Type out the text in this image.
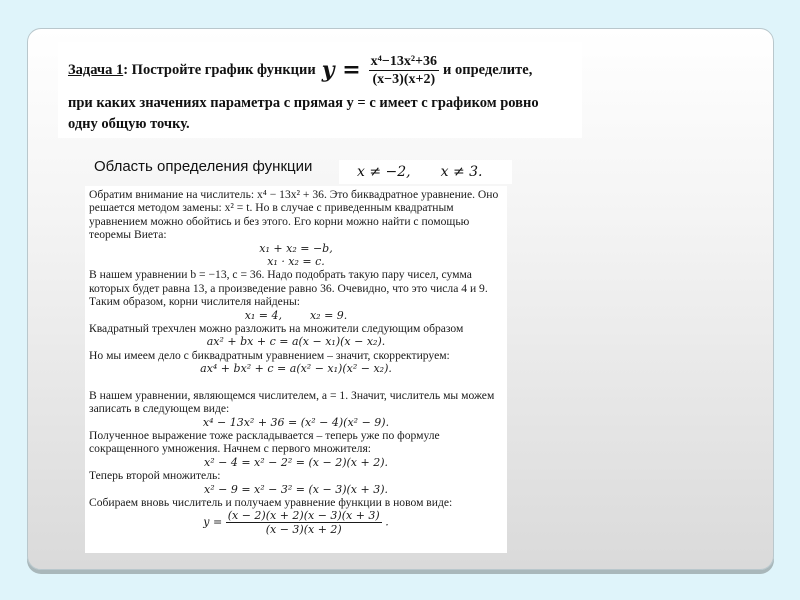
Задача 1 : Постройте график функции $y = \frac{\text{x⁴−13x²+36}}{(x-3)(x+2)}$ и определите,
при каких значениях параметра с прямая у = с имеет с графиком ровно
одну общую точку.
Область определения функции	x ≠ −2, x ≠ 3.

Обратим внимание на числитель: x⁴ − 13x² + 36. Это биквадратное уравнение. Оно решается методом замены: x² = t. Но в случае с приведенным квадратным уравнением можно обойтись и без этого. Его корни можно найти с помощью теоремы Виета:

x₁ + x₂ = −b,

x₁ · x₂ = c.

В нашем уравнении b = −13, c = 36. Надо подобрать такую пару чисел, сумма которых будет равна 13, а произведение равно 36. Очевидно, что это числа 4 и 9. Таким образом, корни числителя найдены:

x₁ = 4,        x₂ = 9.

Квадратный трехчлен можно разложить на множители следующим образом

ax² + bx + c = a(x − x₁)(x − x₂).

Но мы имеем дело с биквадратным уравнением – значит, скорректируем:

ax⁴ + bx² + c = a(x² − x₁)(x² − x₂).

В нашем уравнении, являющемся числителем, a = 1. Значит, числитель мы можем записать в следующем виде:

x⁴ − 13x² + 36 = (x² − 4)(x² − 9).

Полученное выражение тоже раскладывается – теперь уже по формуле сокращенного умножения. Начнем с первого множителя:

x² − 4 = x² − 2² = (x − 2)(x + 2).

Теперь второй множитель:

x² − 9 = x² − 3² = (x − 3)(x + 3).

Собираем вновь числитель и получаем уравнение функции в новом виде:

$y = \frac{(x - 2)(x + 2)(x - 3)(x + 3)}{(x - 3)(x + 2)}$ .
